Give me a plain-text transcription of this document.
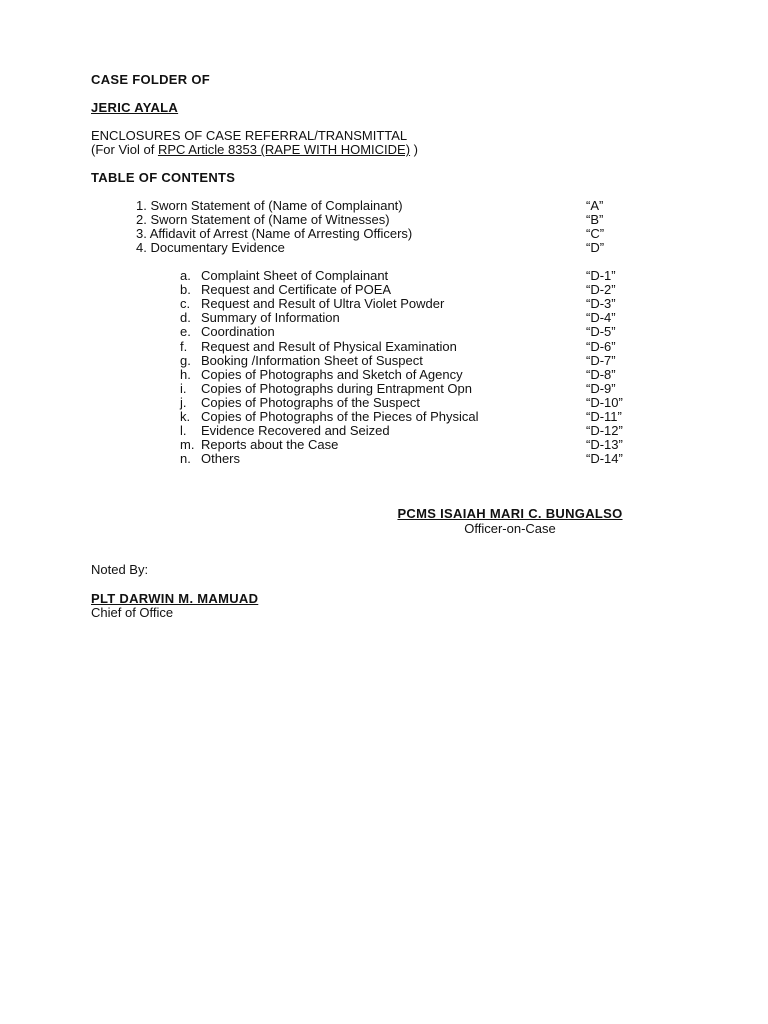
CASE FOLDER OF
JERIC AYALA
ENCLOSURES OF CASE REFERRAL/TRANSMITTAL
(For Viol of RPC Article 8353 (RAPE WITH HOMICIDE) )
TABLE OF CONTENTS
1. Sworn Statement of (Name of Complainant)	“A”
2. Sworn Statement of (Name of Witnesses)	“B”
3. Affidavit of Arrest (Name of Arresting Officers)	“C”
4. Documentary Evidence	“D”
a. Complaint Sheet of Complainant	“D-1”
b. Request and Certificate of POEA	“D-2”
c. Request and Result of Ultra Violet Powder	“D-3”
d. Summary of Information	“D-4”
e. Coordination	“D-5”
f.	Request and Result of Physical Examination	“D-6”
g. Booking /Information Sheet of Suspect	“D-7”
h. Copies of Photographs and Sketch of Agency	“D-8”
i.	Copies of Photographs during Entrapment Opn	“D-9”
j.	Copies of Photographs of the Suspect	“D-10”
k. Copies of Photographs of the Pieces of Physical	“D-11”
l.	Evidence Recovered and Seized	“D-12”
m. Reports about the Case	“D-13”
n. Others	“D-14”
PCMS ISAIAH MARI C. BUNGALSO
Officer-on-Case
Noted By:
PLT DARWIN M. MAMUAD
Chief of Office
